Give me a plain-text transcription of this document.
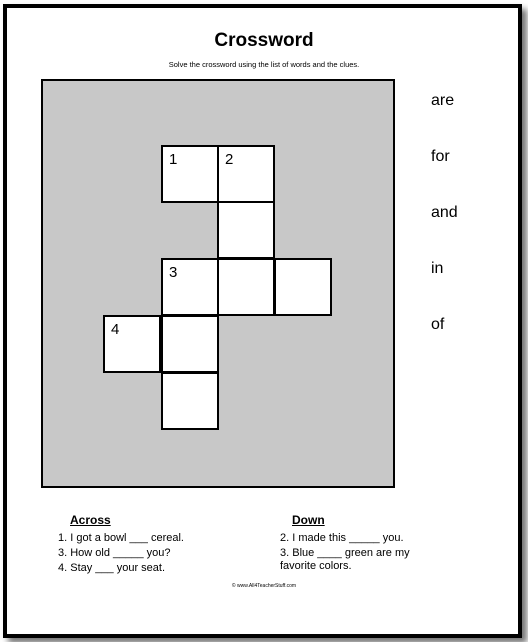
Crossword
Solve the crossword using the list of words and the clues.
1	2
3
4
are
for
and
in
of
Across
1. I got a bowl ___ cereal.
3. How old _____ you?
4. Stay ___ your seat.
Down
2. I made this _____ you.
3. Blue ____ green are my favorite colors.
© www.All4TeacherStuff.com
